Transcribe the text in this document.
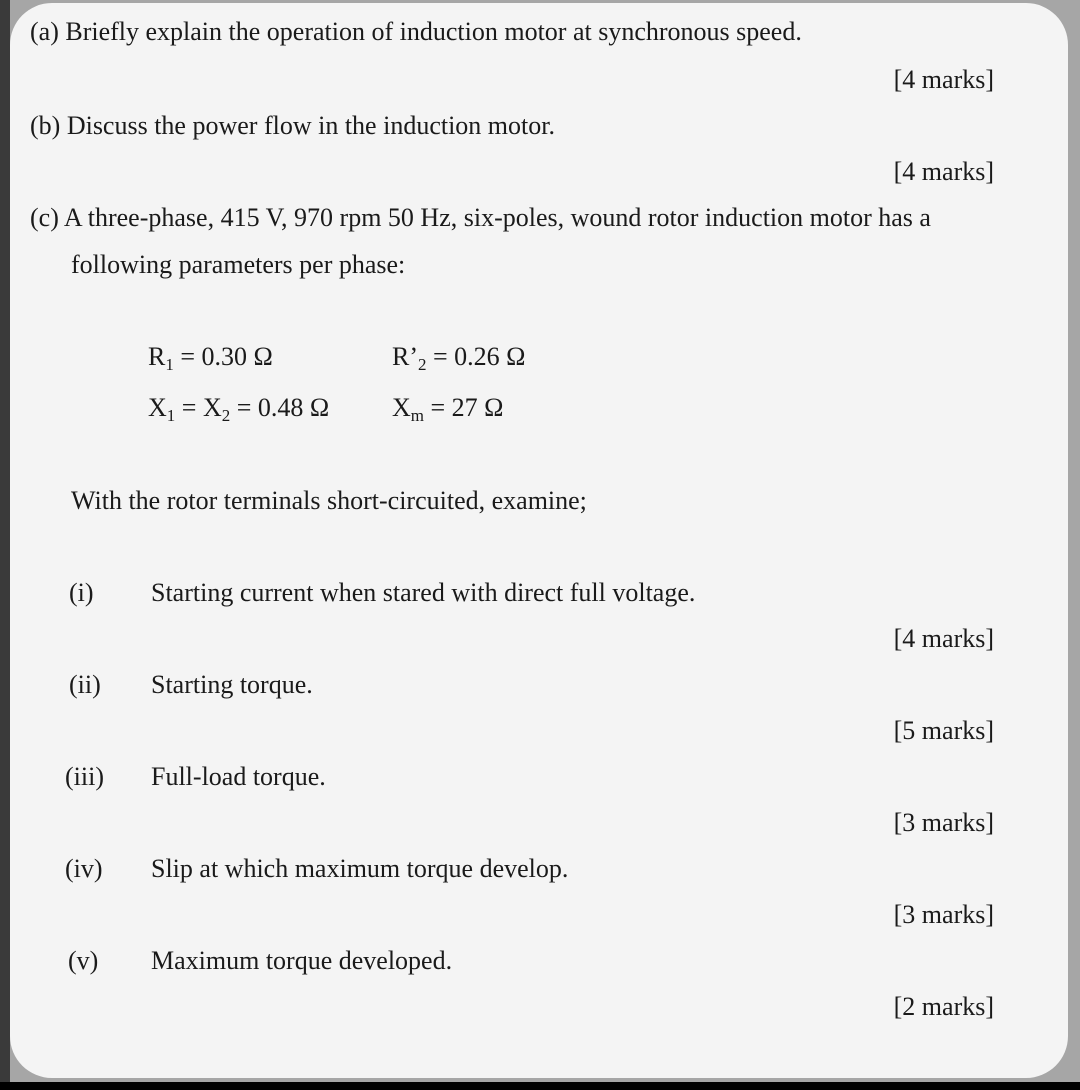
(a) Briefly explain the operation of induction motor at synchronous speed.
[4 marks]
(b) Discuss the power flow in the induction motor.
[4 marks]
(c) A three-phase, 415 V, 970 rpm 50 Hz, six-poles, wound rotor induction motor has a
following parameters per phase:
$R_1 = 0.30$ Ω	$R’_2 = 0.26$ Ω
$X_1 = X_2 = 0.48$ Ω $X_m = 27$ Ω
With the rotor terminals short-circuited, examine;
(i) Starting current when stared with direct full voltage.
[4 marks]
(ii) Starting torque.
[5 marks]
(iii) Full-load torque.
[3 marks]
(iv) Slip at which maximum torque develop.
[3 marks]
(v) Maximum torque developed.
[2 marks]
